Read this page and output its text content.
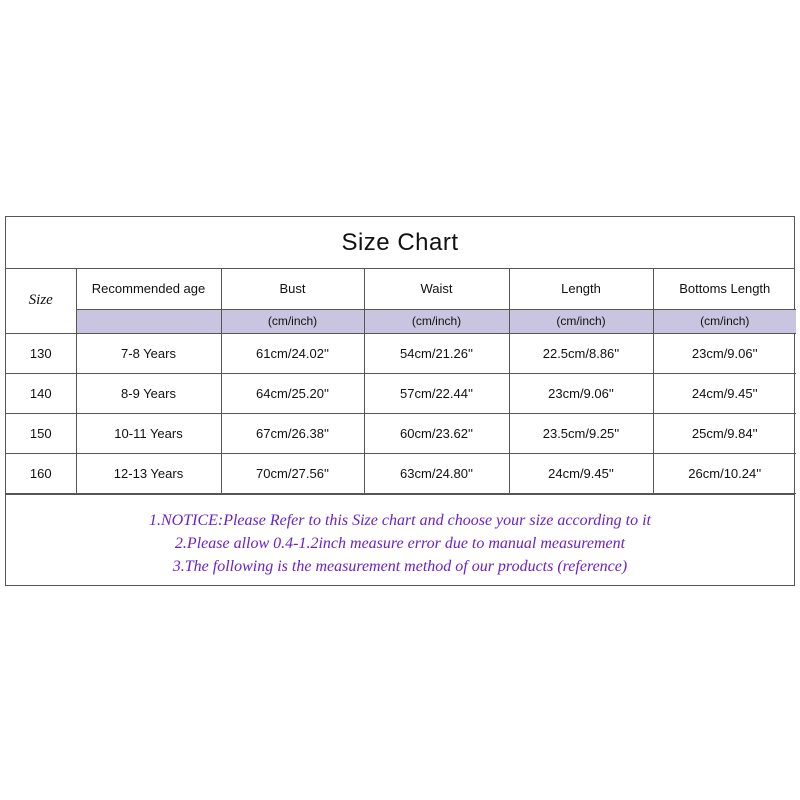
Size Chart
Size	Recommended age	Bust	Waist	Length	Bottoms Length
		(cm/inch)	(cm/inch)	(cm/inch)	(cm/inch)
130	7-8 Years	61cm/24.02''	54cm/21.26''	22.5cm/8.86''	23cm/9.06''
140	8-9 Years	64cm/25.20''	57cm/22.44''	23cm/9.06''	24cm/9.45''
150	10-11 Years	67cm/26.38''	60cm/23.62''	23.5cm/9.25''	25cm/9.84''
160	12-13 Years	70cm/27.56''	63cm/24.80''	24cm/9.45''	26cm/10.24''
1.NOTICE:Please Refer to this Size chart and choose your size according to it
2.Please allow 0.4-1.2inch measure error due to manual measurement
3.The following is the measurement method of our products (reference)
